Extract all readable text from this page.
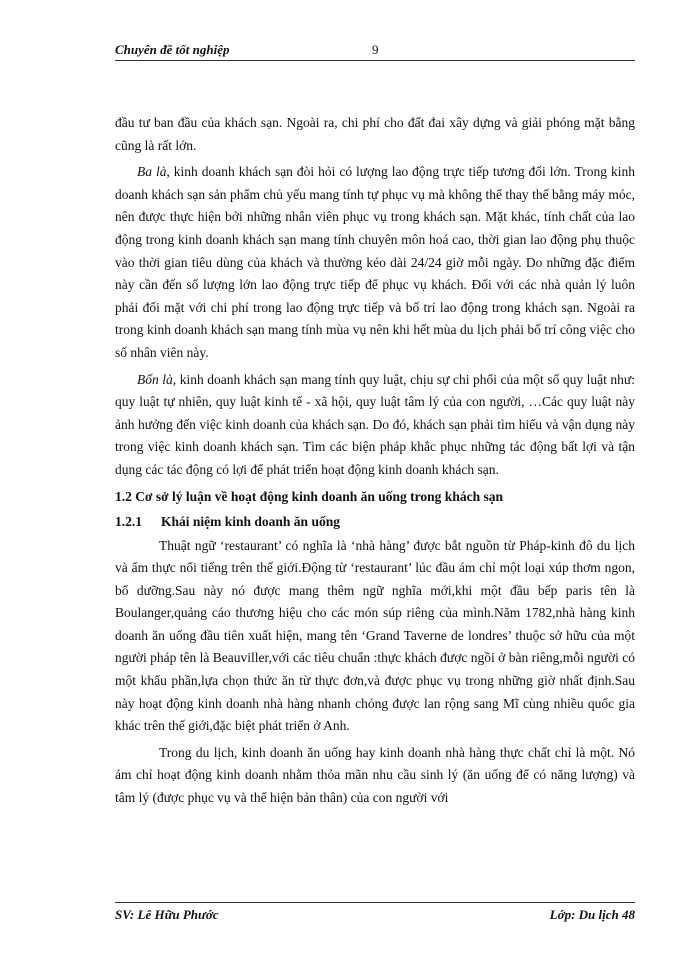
Chuyên đề tốt nghiệp	9

đầu tư ban đầu của khách sạn. Ngoài ra, chi phí cho đất đai xây dựng và giải phóng mặt bằng cũng là rất lớn.

Ba là, kinh doanh khách sạn đòi hỏi có lượng lao động trực tiếp tương đối lớn. Trong kinh doanh khách sạn sản phẩm chủ yếu mang tính tự phục vụ mà không thể thay thế bằng máy móc, nên được thực hiện bởi những nhân viên phục vụ trong khách sạn. Mặt khác, tính chất của lao động trong kinh doanh khách sạn mang tính chuyên môn hoá cao, thời gian lao động phụ thuộc vào thời gian tiêu dùng của khách và thường kéo dài 24/24 giờ mỗi ngày. Do những đặc điểm này cần đến số lượng lớn lao động trực tiếp để phục vụ khách. Đối với các nhà quản lý luôn phải đối mặt với chi phí trong lao động trực tiếp và bố trí lao động trong khách sạn. Ngoài ra trong kinh doanh khách sạn mang tính mùa vụ nên khi hết mùa du lịch phải bố trí công việc cho số nhân viên này.

Bốn là, kinh doanh khách sạn mang tính quy luật, chịu sự chi phối của một số quy luật như: quy luật tự nhiên, quy luật kinh tế - xã hội, quy luật tâm lý của con người, …Các quy luật này ảnh hưởng đến việc kinh doanh của khách sạn. Do đó, khách sạn phải tìm hiểu và vận dụng này trong việc kinh doanh khách sạn. Tìm các biện pháp khắc phục những tác động bất lợi và tận dụng các tác động có lợi để phát triển hoạt động kinh doanh khách sạn.

1.2 Cơ sở lý luận về hoạt động kinh doanh ăn uống trong khách sạn
1.2.1 Khái niệm kinh doanh ăn uống

Thuật ngữ ‘restaurant’ có nghĩa là ‘nhà hàng’ được bắt nguồn từ Pháp-kinh đô du lịch và ẩm thực nổi tiếng trên thế giới.Động từ ‘restaurant’ lúc đầu ám chỉ một loại xúp thơm ngon, bổ dưỡng.Sau này nó được mang thêm ngữ nghĩa mới,khi một đầu bếp paris tên là Boulanger,quảng cáo thương hiệu cho các món súp riêng của mình.Năm 1782,nhà hàng kinh doanh ăn uống đầu tiên xuất hiện, mang tên ‘Grand Taverne de londres’ thuộc sở hữu của một người pháp tên là Beauviller,với các tiêu chuẩn :thực khách được ngồi ở bàn riêng,mỗi người có một khẩu phần,lựa chọn thức ăn từ thực đơn,và được phục vụ trong những giờ nhất định.Sau này hoạt động kinh doanh nhà hàng nhanh chóng được lan rộng sang Mĩ cùng nhiều quốc gia khác trên thế giới,đặc biệt phát triển ở Anh.

Trong du lịch, kinh doanh ăn uống hay kinh doanh nhà hàng thực chất chỉ là một. Nó ám chỉ hoạt động kinh doanh nhằm thỏa mãn nhu cầu sinh lý (ăn uống để có năng lượng) và tâm lý (được phục vụ và thể hiện bản thân) của con người với

SV: Lê Hữu Phước	Lớp: Du lịch 48
